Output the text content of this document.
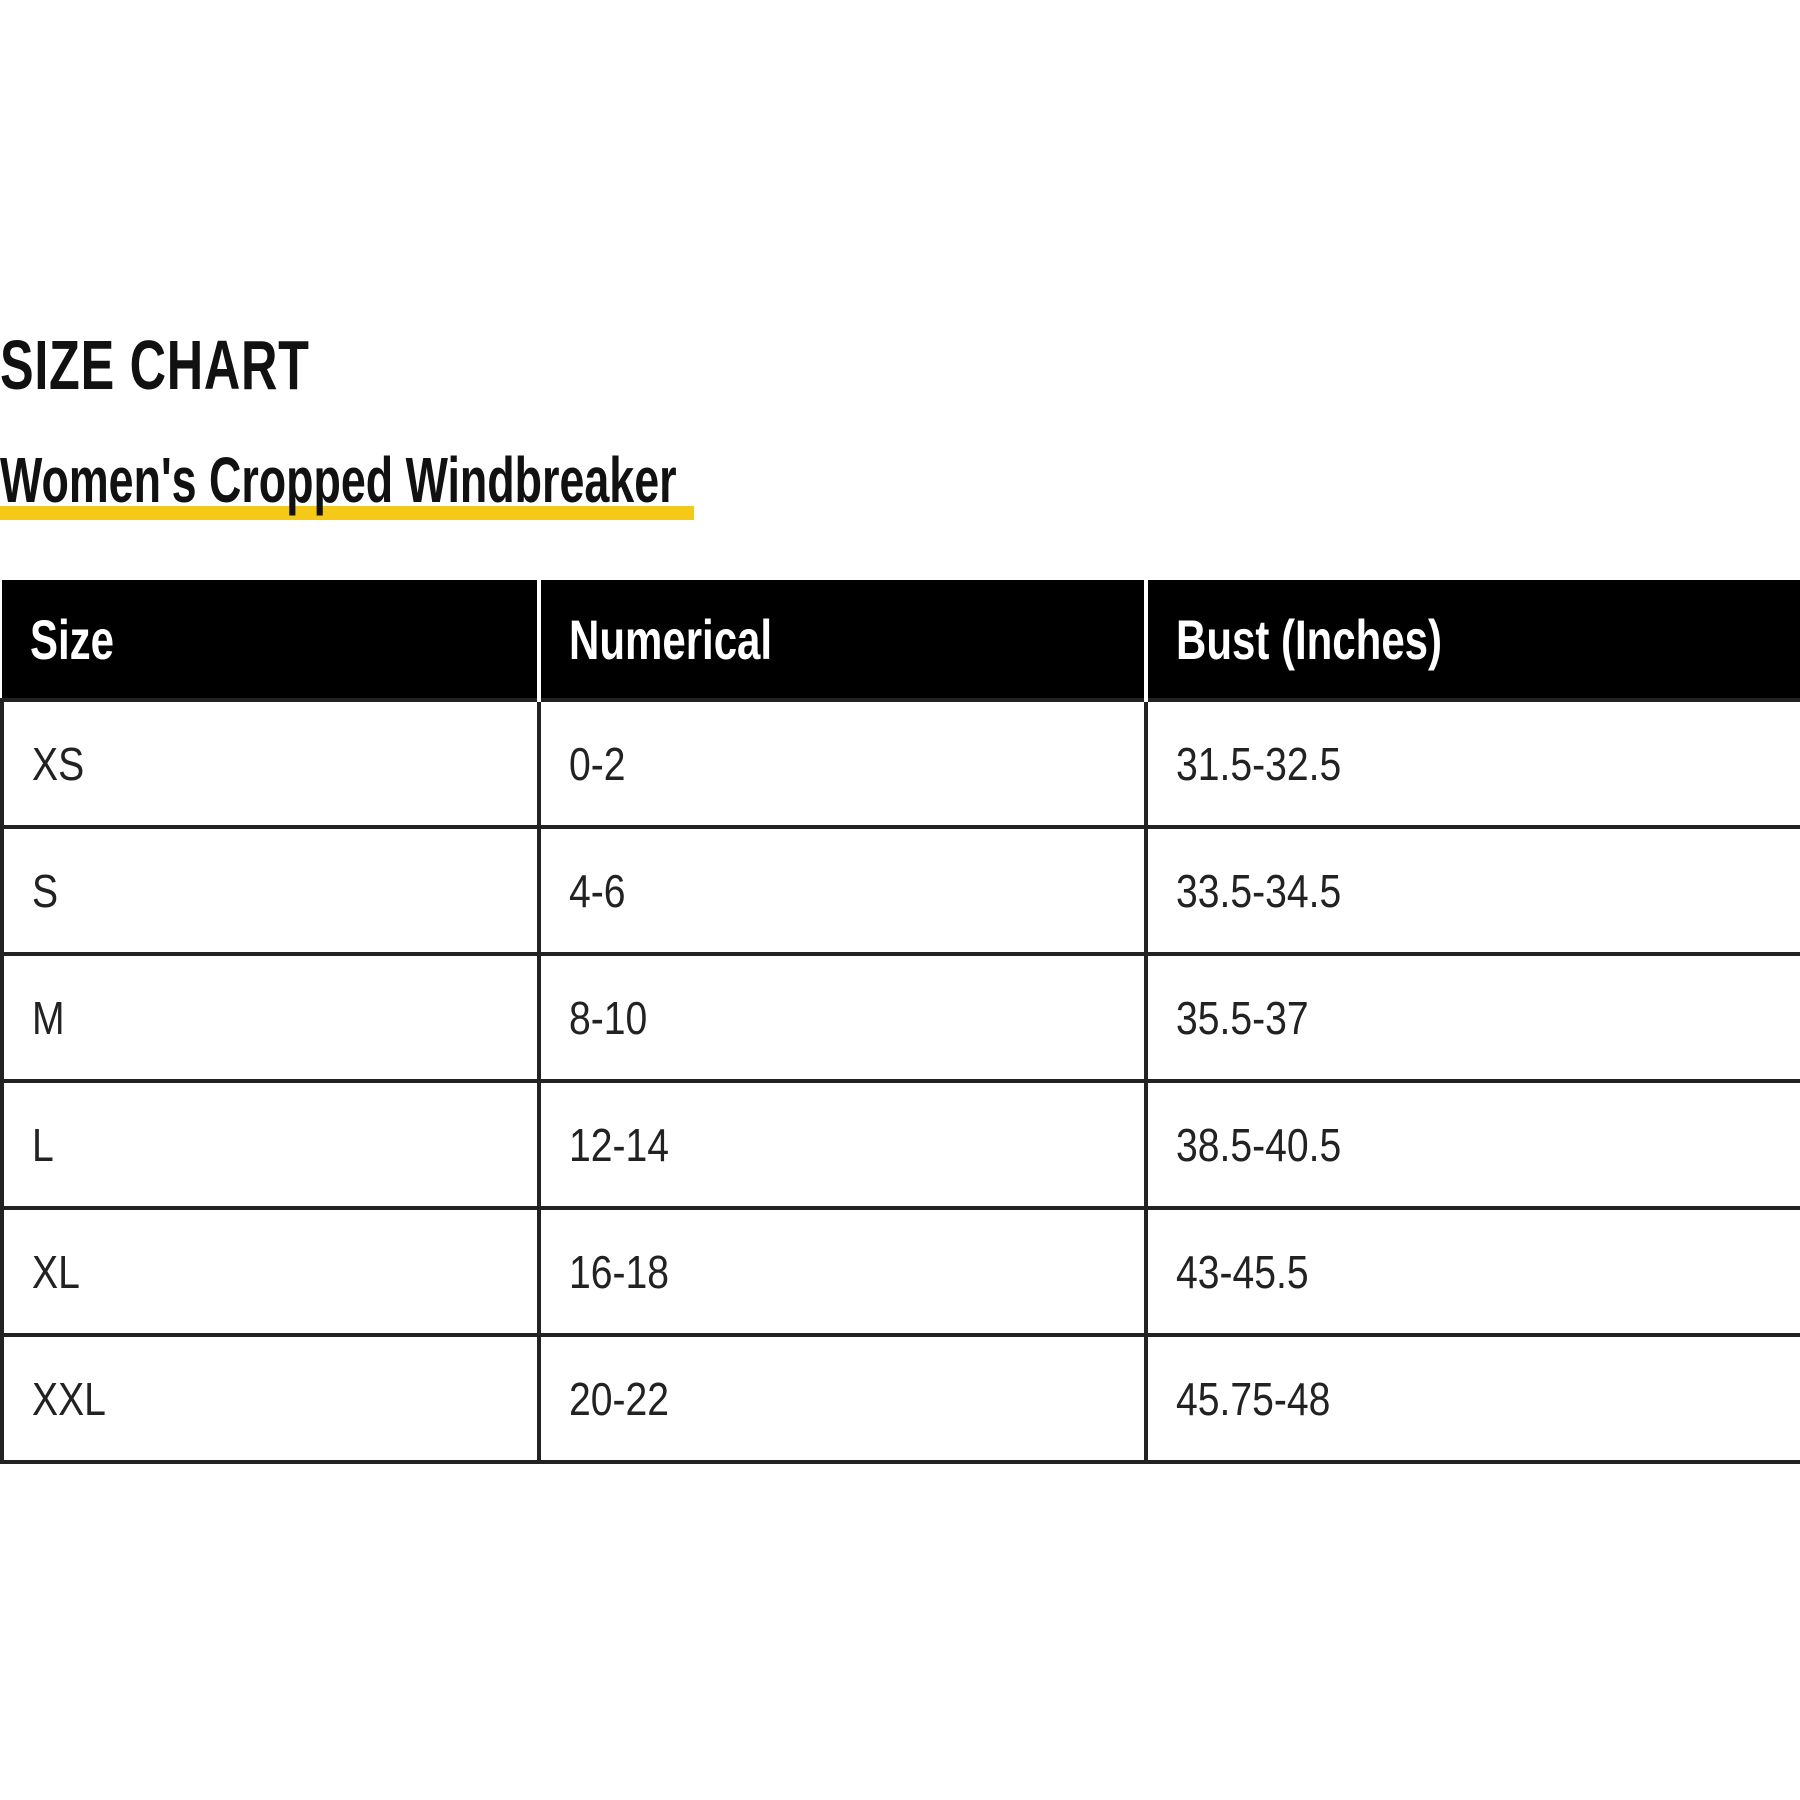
SIZE CHART
Women's Cropped Windbreaker
Size	Numerical	Bust (Inches)
XS	0-2	31.5-32.5
S	4-6	33.5-34.5
M	8-10	35.5-37
L	12-14	38.5-40.5
XL	16-18	43-45.5
XXL	20-22	45.75-48
